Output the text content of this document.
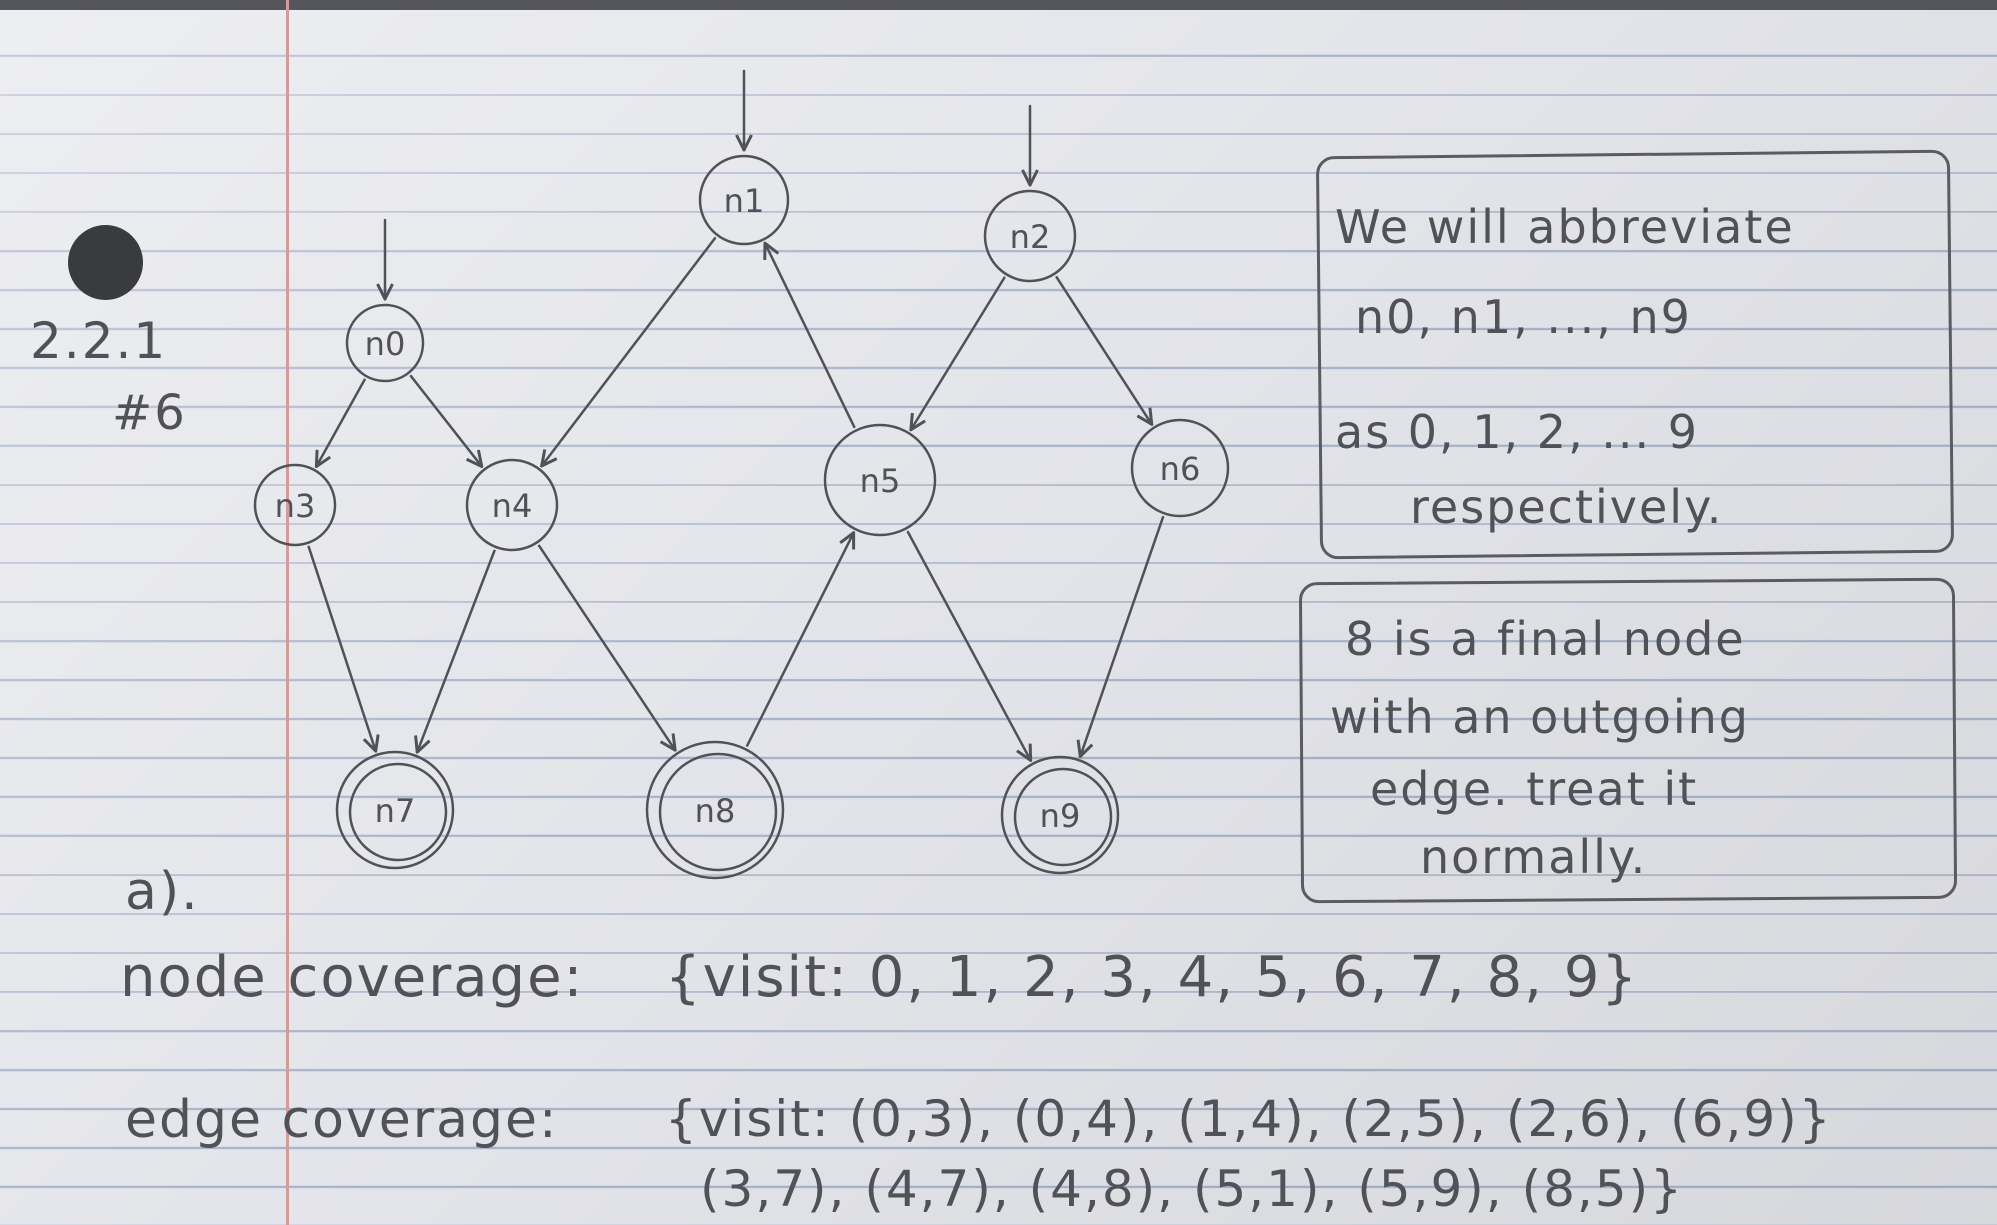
n0
n1
n2
n3	n4
n5	n6
n7	n8	n9
2.2.1
#6
We will abbreviate
n0, n1, ..., n9
as 0, 1, 2, ... 9
respectively.
8 is a final node
with an outgoing
edge. treat it
normally.
a).
node coverage: {visit: 0, 1, 2, 3, 4, 5, 6, 7, 8, 9}
edge coverage: {visit: (0,3), (0,4), (1,4), (2,5), (2,6), (6,9)}
(3,7), (4,7), (4,8), (5,1), (5,9), (8,5)}
